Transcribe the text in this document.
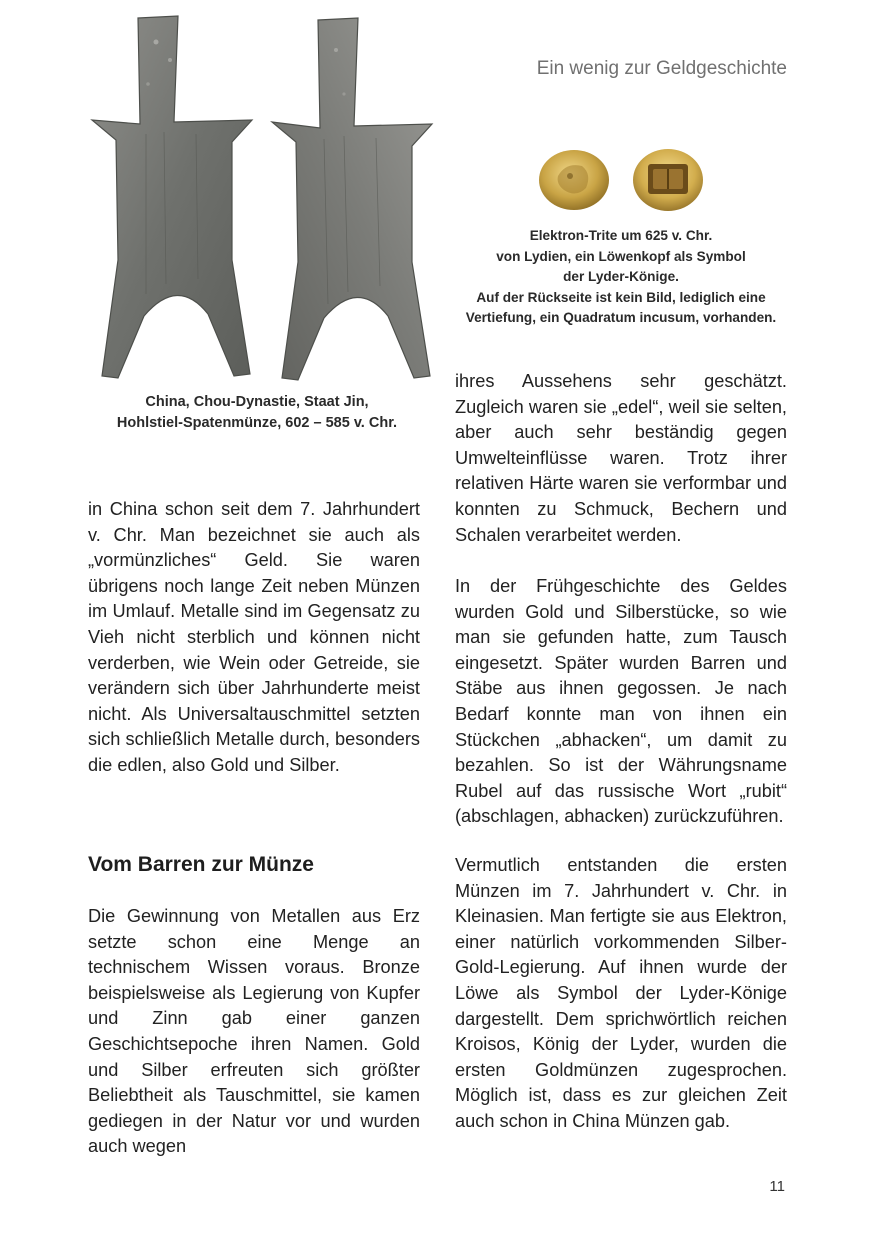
Ein wenig zur Geldgeschichte
China, Chou-Dynastie, Staat Jin,
Hohlstiel-Spatenmünze, 602 – 585 v. Chr.
Elektron-Trite um 625 v. Chr.
von Lydien, ein Löwenkopf als Symbol
der Lyder-Könige.
Auf der Rückseite ist kein Bild, lediglich eine
Vertiefung, ein Quadratum incusum, vorhanden.

in China schon seit dem 7. Jahrhundert v. Chr. Man bezeichnet sie auch als „vormünzliches“ Geld. Sie waren übrigens noch lange Zeit neben Münzen im Umlauf. Metalle sind im Gegensatz zu Vieh nicht sterblich und können nicht verderben, wie Wein oder Getreide, sie verändern sich über Jahrhunderte meist nicht. Als Universaltauschmittel setzten sich schließlich Metalle durch, besonders die edlen, also Gold und Silber.

Vom Barren zur Münze

Die Gewinnung von Metallen aus Erz setzte schon eine Menge an technischem Wissen voraus. Bronze beispielsweise als Legierung von Kupfer und Zinn gab einer ganzen Geschichtsepoche ihren Namen. Gold und Silber erfreuten sich größter Beliebtheit als Tauschmittel, sie kamen gediegen in der Natur vor und wurden auch wegen

ihres Aussehens sehr geschätzt. Zugleich waren sie „edel“, weil sie selten, aber auch sehr beständig gegen Umwelteinflüsse waren. Trotz ihrer relativen Härte waren sie verformbar und konnten zu Schmuck, Bechern und Schalen verarbeitet werden.

In der Frühgeschichte des Geldes wurden Gold und Silberstücke, so wie man sie gefunden hatte, zum Tausch eingesetzt. Später wurden Barren und Stäbe aus ihnen gegossen. Je nach Bedarf konnte man von ihnen ein Stückchen „abhacken“, um damit zu bezahlen. So ist der Währungsname Rubel auf das russische Wort „rubit“ (abschlagen, abhacken) zurückzuführen.

Vermutlich entstanden die ersten Münzen im 7. Jahrhundert v. Chr. in Kleinasien. Man fertigte sie aus Elektron, einer natürlich vorkommenden Silber-Gold-Legierung. Auf ihnen wurde der Löwe als Symbol der Lyder-Könige dargestellt. Dem sprichwörtlich reichen Kroisos, König der Lyder, wurden die ersten Goldmünzen zugesprochen. Möglich ist, dass es zur gleichen Zeit auch schon in China Münzen gab.

11
